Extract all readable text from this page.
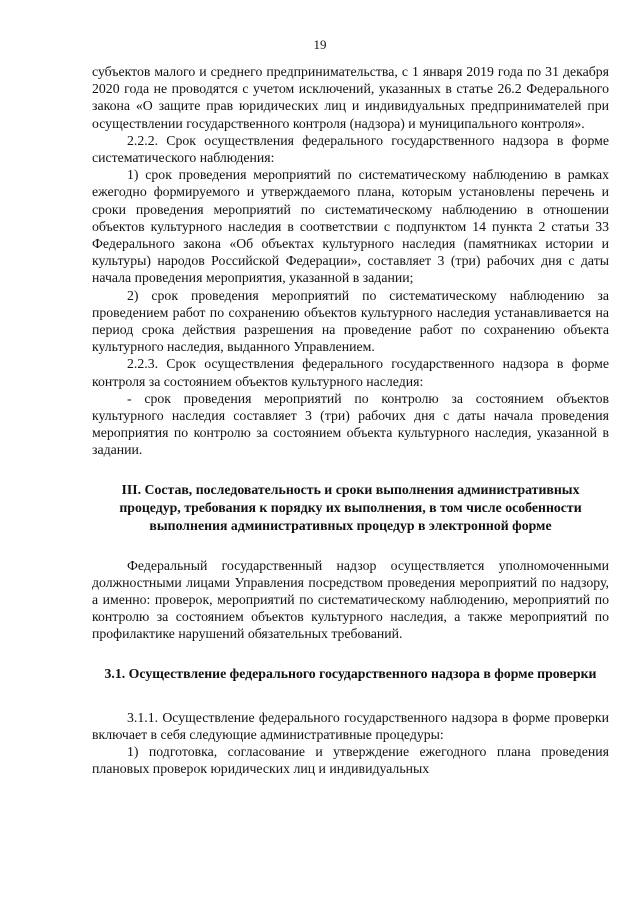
19

субъектов малого и среднего предпринимательства, с 1 января 2019 года по 31 декабря 2020 года не проводятся с учетом исключений, указанных в статье 26.2 Федерального закона «О защите прав юридических лиц и индивидуальных предпринимателей при осуществлении государственного контроля (надзора) и муниципального контроля».

2.2.2. Срок осуществления федерального государственного надзора в форме систематического наблюдения:

1) срок проведения мероприятий по систематическому наблюдению в рамках ежегодно формируемого и утверждаемого плана, которым установлены перечень и сроки проведения мероприятий по систематическому наблюдению в отношении объектов культурного наследия в соответствии с подпунктом 14 пункта 2 статьи 33 Федерального закона «Об объектах культурного наследия (памятниках истории и культуры) народов Российской Федерации», составляет 3 (три) рабочих дня с даты начала проведения мероприятия, указанной в задании;

2) срок проведения мероприятий по систематическому наблюдению за проведением работ по сохранению объектов культурного наследия устанавливается на период срока действия разрешения на проведение работ по сохранению объекта культурного наследия, выданного Управлением.

2.2.3. Срок осуществления федерального государственного надзора в форме контроля за состоянием объектов культурного наследия:

- срок проведения мероприятий по контролю за состоянием объектов культурного наследия составляет 3 (три) рабочих дня с даты начала проведения мероприятия по контролю за состоянием объекта культурного наследия, указанной в задании.

III. Состав, последовательность и сроки выполнения административных процедур, требования к порядку их выполнения, в том числе особенности выполнения административных процедур в электронной форме

Федеральный государственный надзор осуществляется уполномоченными должностными лицами Управления посредством проведения мероприятий по надзору, а именно: проверок, мероприятий по систематическому наблюдению, мероприятий по контролю за состоянием объектов культурного наследия, а также мероприятий по профилактике нарушений обязательных требований.

3.1. Осуществление федерального государственного надзора в форме проверки

3.1.1. Осуществление федерального государственного надзора в форме проверки включает в себя следующие административные процедуры:

1) подготовка, согласование и утверждение ежегодного плана проведения плановых проверок юридических лиц и индивидуальных
